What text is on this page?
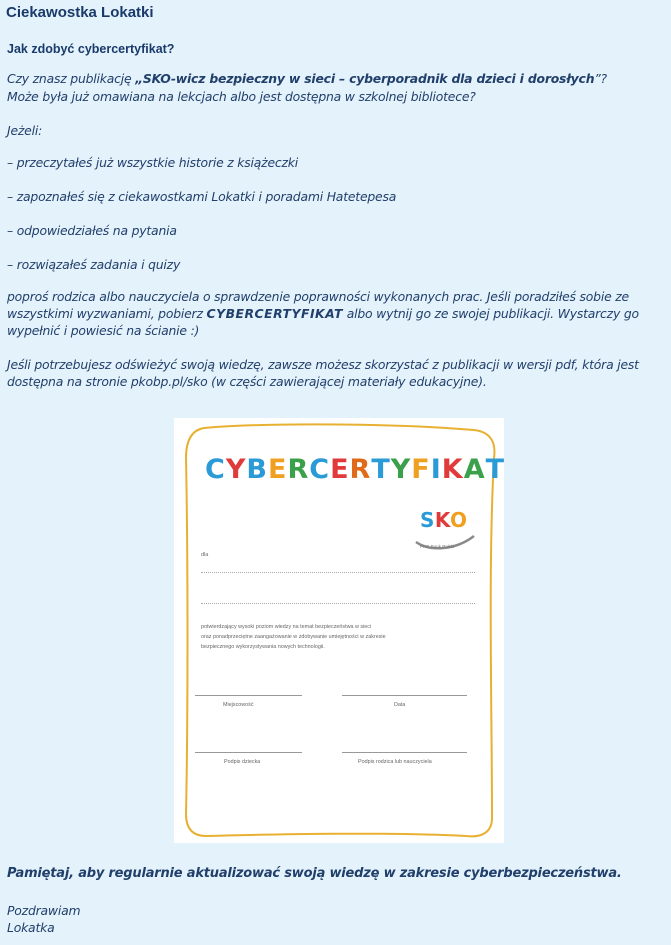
Ciekawostka Lokatki
Jak zdobyć cybercertyfikat?
Czy znasz publikację „SKO-wicz bezpieczny w sieci – cyberporadnik dla dzieci i dorosłych”?
Może była już omawiana na lekcjach albo jest dostępna w szkolnej bibliotece?
Jeżeli:
– przeczytałeś już wszystkie historie z książeczki
– zapoznałeś się z ciekawostkami Lokatki i poradami Hatetepesa
– odpowiedziałeś na pytania
– rozwiązałeś zadania i quizy
poproś rodzica albo nauczyciela o sprawdzenie poprawności wykonanych prac. Jeśli poradziłeś sobie ze wszystkimi wyzwaniami, pobierz CYBERCERTYFIKAT albo wytnij go ze swojej publikacji. Wystarczy go wypełnić i powiesić na ścianie :)
Jeśli potrzebujesz odświeżyć swoją wiedzę, zawsze możesz skorzystać z publikacji w wersji pdf, która jest dostępna na stronie pkobp.pl/sko (w części zawierającej materiały edukacyjne).
CYBERCERTYFIKAT
SKO
PKO Bank Polski
dla
potwierdzający wysoki poziom wiedzy na temat bezpieczeństwa w sieci
oraz ponadprzeciętne zaangażowanie w zdobywanie umiejętności w zakresie
bezpiecznego wykorzystywania nowych technologii.
Miejscowość	Data
Podpis dziecka	Podpis rodzica lub nauczyciela
Pamiętaj, aby regularnie aktualizować swoją wiedzę w zakresie cyberbezpieczeństwa.
Pozdrawiam
Lokatka
